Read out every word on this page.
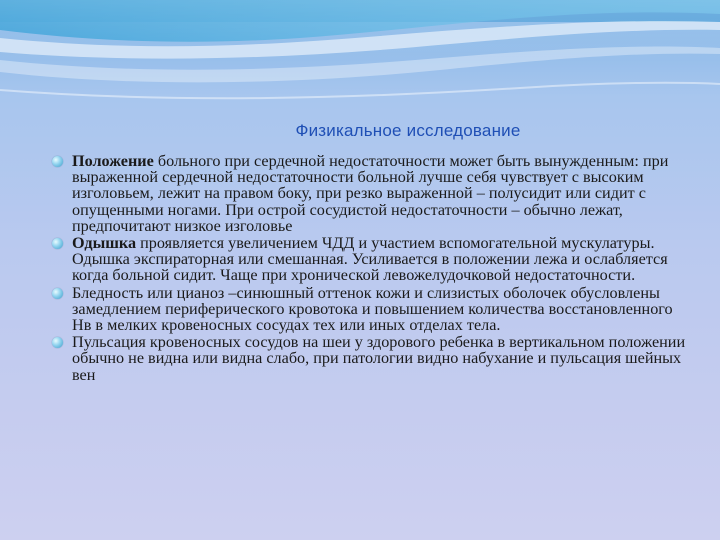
Физикальное исследование
Положение больного при сердечной недостаточности может быть вынужденным: при выраженной сердечной недостаточности больной лучше себя чувствует с высоким изголовьем, лежит на правом боку, при резко выраженной – полусидит или сидит с опущенными ногами. При острой сосудистой недостаточности – обычно лежат, предпочитают низкое изголовье
Одышка проявляется увеличением ЧДД и участием вспомогательной мускулатуры. Одышка экспираторная или смешанная. Усиливается в положении лежа и ослабляется когда больной сидит. Чаще при хронической левожелудочковой недостаточности.
Бледность или цианоз –синюшный оттенок кожи и слизистых оболочек обусловлены замедлением периферического кровотока и повышением количества восстановленного Hв в мелких кровеносных сосудах тех или иных отделах тела.
Пульсация кровеносных сосудов на шеи у здорового ребенка в вертикальном положении обычно не видна или видна слабо, при патологии видно набухание и пульсация шейных вен
